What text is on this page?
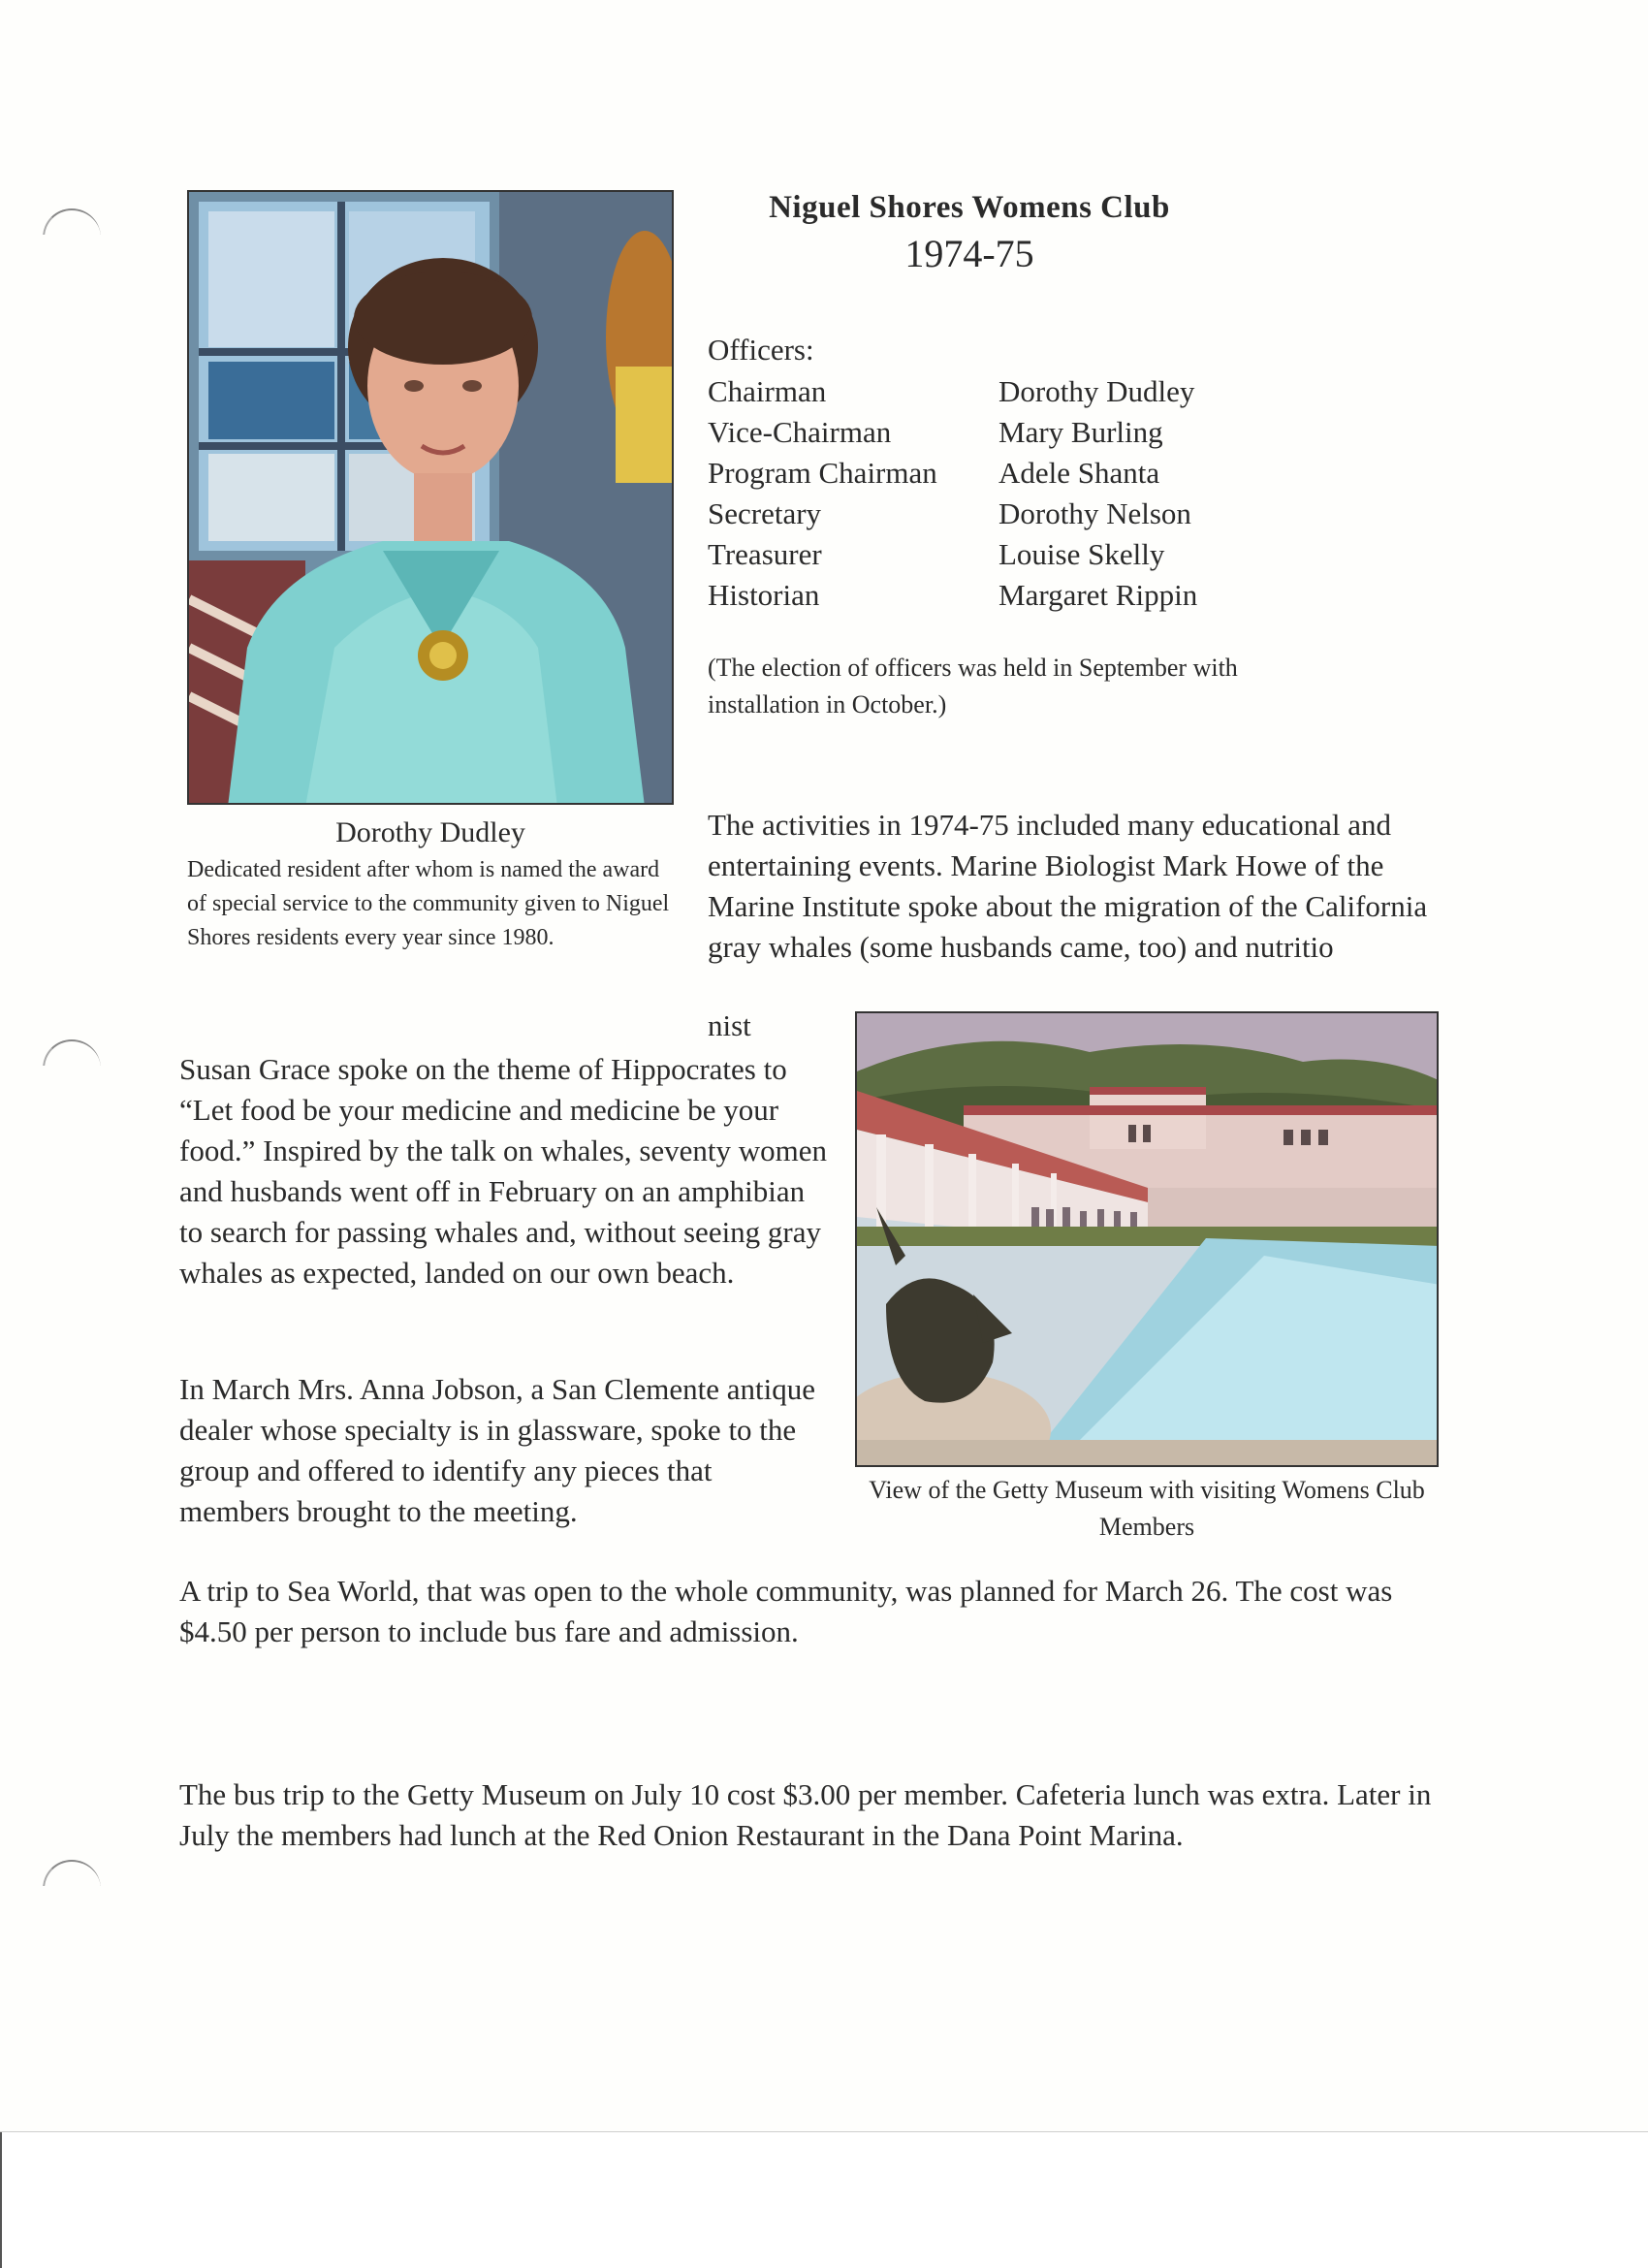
Dorothy Dudley
Dedicated resident after whom is named the award of special service to the community given to Niguel Shores residents every year since 1980.
Niguel Shores Womens Club
1974-75
Officers:
Chairman	Dorothy Dudley
Vice-Chairman	Mary Burling
Program Chairman	Adele Shanta
Secretary	Dorothy Nelson
Treasurer	Louise Skelly
Historian	Margaret Rippin
(The election of officers was held in September with installation in October.)
The activities in 1974-75 included many educational and entertaining events. Marine Biologist Mark Howe of the Marine Institute spoke about the migration of the California gray whales (some husbands came, too) and nutritio
nist
View of the Getty Museum with visiting Womens Club Members
Susan Grace spoke on the theme of Hippocrates to “Let food be your medicine and medicine be your food.” Inspired by the talk on whales, seventy women and husbands went off in February on an amphibian to search for passing whales and, without seeing gray whales as expected, landed on our own beach.
In March Mrs. Anna Jobson, a San Clemente antique dealer whose specialty is in glassware, spoke to the group and offered to identify any pieces that members brought to the meeting.
A trip to Sea World, that was open to the whole community, was planned for March 26. The cost was $4.50 per person to include bus fare and admission.
The bus trip to the Getty Museum on July 10 cost $3.00 per member. Cafeteria lunch was extra. Later in July the members had lunch at the Red Onion Restaurant in the Dana Point Marina.
